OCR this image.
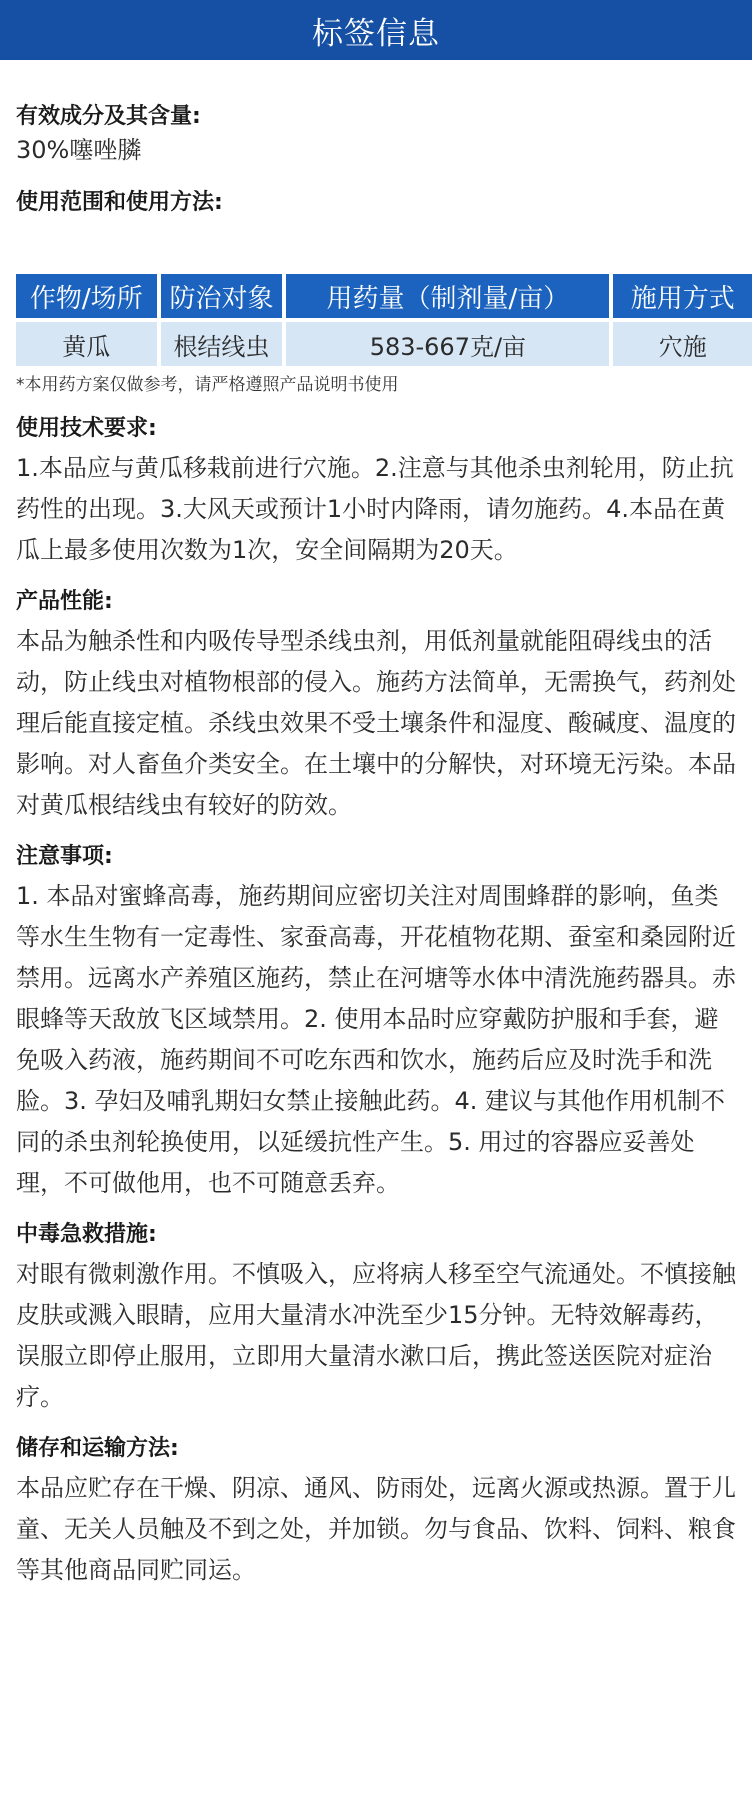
标签信息

有效成分及其含量:

30%噻唑膦

使用范围和使用方法:

作物/场所	防治对象	用药量（制剂量/亩）	施用方式
黄瓜	根结线虫	583-667克/亩	穴施

*本用药方案仅做参考，请严格遵照产品说明书使用

使用技术要求:

1.本品应与黄瓜移栽前进行穴施。2.注意与其他杀虫剂轮用，防止抗药性的出现。3.大风天或预计1小时内降雨，请勿施药。4.本品在黄瓜上最多使用次数为1次，安全间隔期为20天。

产品性能:

本品为触杀性和内吸传导型杀线虫剂，用低剂量就能阻碍线虫的活动，防止线虫对植物根部的侵入。施药方法简单，无需换气，药剂处理后能直接定植。杀线虫效果不受土壤条件和湿度、酸碱度、温度的影响。对人畜鱼介类安全。在土壤中的分解快，对环境无污染。本品对黄瓜根结线虫有较好的防效。

注意事项:

1. 本品对蜜蜂高毒，施药期间应密切关注对周围蜂群的影响，鱼类等水生生物有一定毒性、家蚕高毒，开花植物花期、蚕室和桑园附近禁用。远离水产养殖区施药，禁止在河塘等水体中清洗施药器具。赤眼蜂等天敌放飞区域禁用。2. 使用本品时应穿戴防护服和手套，避免吸入药液，施药期间不可吃东西和饮水，施药后应及时洗手和洗脸。3. 孕妇及哺乳期妇女禁止接触此药。4. 建议与其他作用机制不同的杀虫剂轮换使用，以延缓抗性产生。5. 用过的容器应妥善处理，不可做他用，也不可随意丢弃。

中毒急救措施:

对眼有微刺激作用。不慎吸入，应将病人移至空气流通处。不慎接触皮肤或溅入眼睛，应用大量清水冲洗至少15分钟。无特效解毒药，误服立即停止服用，立即用大量清水漱口后，携此签送医院对症治疗。

储存和运输方法:

本品应贮存在干燥、阴凉、通风、防雨处，远离火源或热源。置于儿童、无关人员触及不到之处，并加锁。勿与食品、饮料、饲料、粮食等其他商品同贮同运。
